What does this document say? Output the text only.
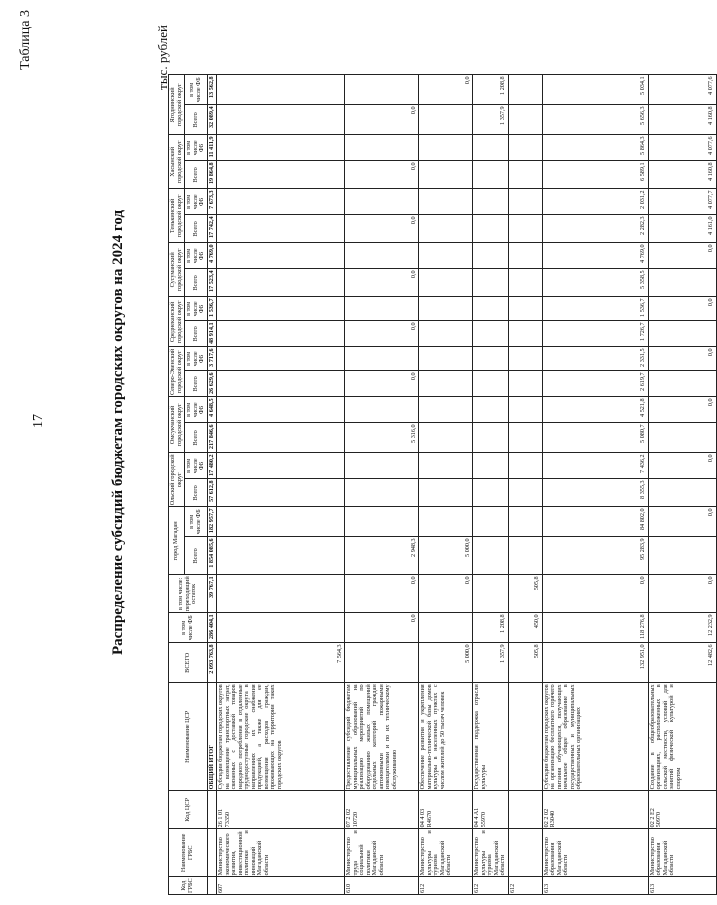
17
Таблица 3
Распределение субсидий бюджетам городских округов на 2024 год
тыс. рублей
Код ГРБС	Наименование ГРБС	Код ЦСР	Наименование ЦСР	ВСЕГО	в том числе ФБ	в том числе: переходящий остаток	город Магадан		Ольский городской округ		Омсукчанский городской округ		Северо-Эвенский городской округ		Среднеканский городской округ		Сусуманский городской округ		Тенькинский городской округ		Хасынский городской округ		Ягоднинский городской округ	
							Всего	в том числе ФБ	Всего	в том числе ФБ	Всего	в том числе ФБ	Всего	в том числе ФБ	Всего	в том числе ФБ	Всего	в том числе ФБ	Всего	в том числе ФБ	Всего	в том числе ФБ	Всего	в том числе ФБ

			ОБЩИЙ ИТОГ	2 093 763,8	286 404,1	39 767,1	1 854 085,6	182 957,7	57 612,8	17 480,2	217 846,6	4 648,5	26 629,6	3 717,6	48 914,1	1 536,7	17 523,4	4 769,0	17 742,4	7 673,3	19 864,8	11 411,9	32 089,4	13 562,8
607	Министерство экономического развития, инвестиционной политики и инноваций Магаданской области	26 1 01 73350	Субсидии бюджетам городских округов на возмещение транспортных затрат, связанных с доставкой товаров народного потребления в отдаленные труднодоступные городские округа в направлениях их снабжения продукцией, а также для ее возмещения расходов граждан, проживающих на территории таких городских округов	7 564,3																				
610	Министерство труда и социальной политики Магаданской области	07 2 02 10720	Предоставление субсидий бюджетам муниципальных образований на реализацию мероприятий по оборудованию жилых помещений отдельных категорий граждан автономными пожарными извещателями и по их техническому обслуживанию		0,0	0,0	2 948,3				5 316,0		0,0		0,0		0,0		0,0		0,0		0,0	
612	Министерство культуры и туризма Магаданской области	04 4 03 R4670	Обеспечение развития и укрепления материально-технической базы домов культуры в населенных пунктах с числом жителей до 50 тысяч человек	5 000,0		0,0	5 000,0																	0,0
612	Министерство культуры и туризма Магаданской области	04 4 A1 55970	Государственная поддержка отрасли культуры	1 357,9	1 208,8																		1 357,9	1 208,8
612				505,8	450,0	505,8																		
613	Министерство образования Магаданской области	02 2 02 R3040	Субсидии бюджетам городских округов на организацию бесплатного горячего питания обучающихся, получающих начальное общее образование в государственных и муниципальных образовательных организациях	132 951,0	118 276,8	0,0	95 283,9	84 802,0	8 355,3	7 436,2	5 080,7	4 521,8	2 619,7	2 331,5	1 726,7	1 536,7	5 358,5	4 769,0	2 282,3	2 031,2	6 589,1	5 864,3	5 656,3	5 034,1
613	Министерство образования Магаданской области	02 2 E2 50970	Создание в общеобразовательных организациях, расположенных в сельской местности, условий для занятий физической культурой и спортом	12 482,6	12 232,9	0,0		0,0		0,0		0,0		0,0		0,0		0,0	4 161,0	4 077,7	4 160,8	4 077,6	4 160,8	4 077,6
